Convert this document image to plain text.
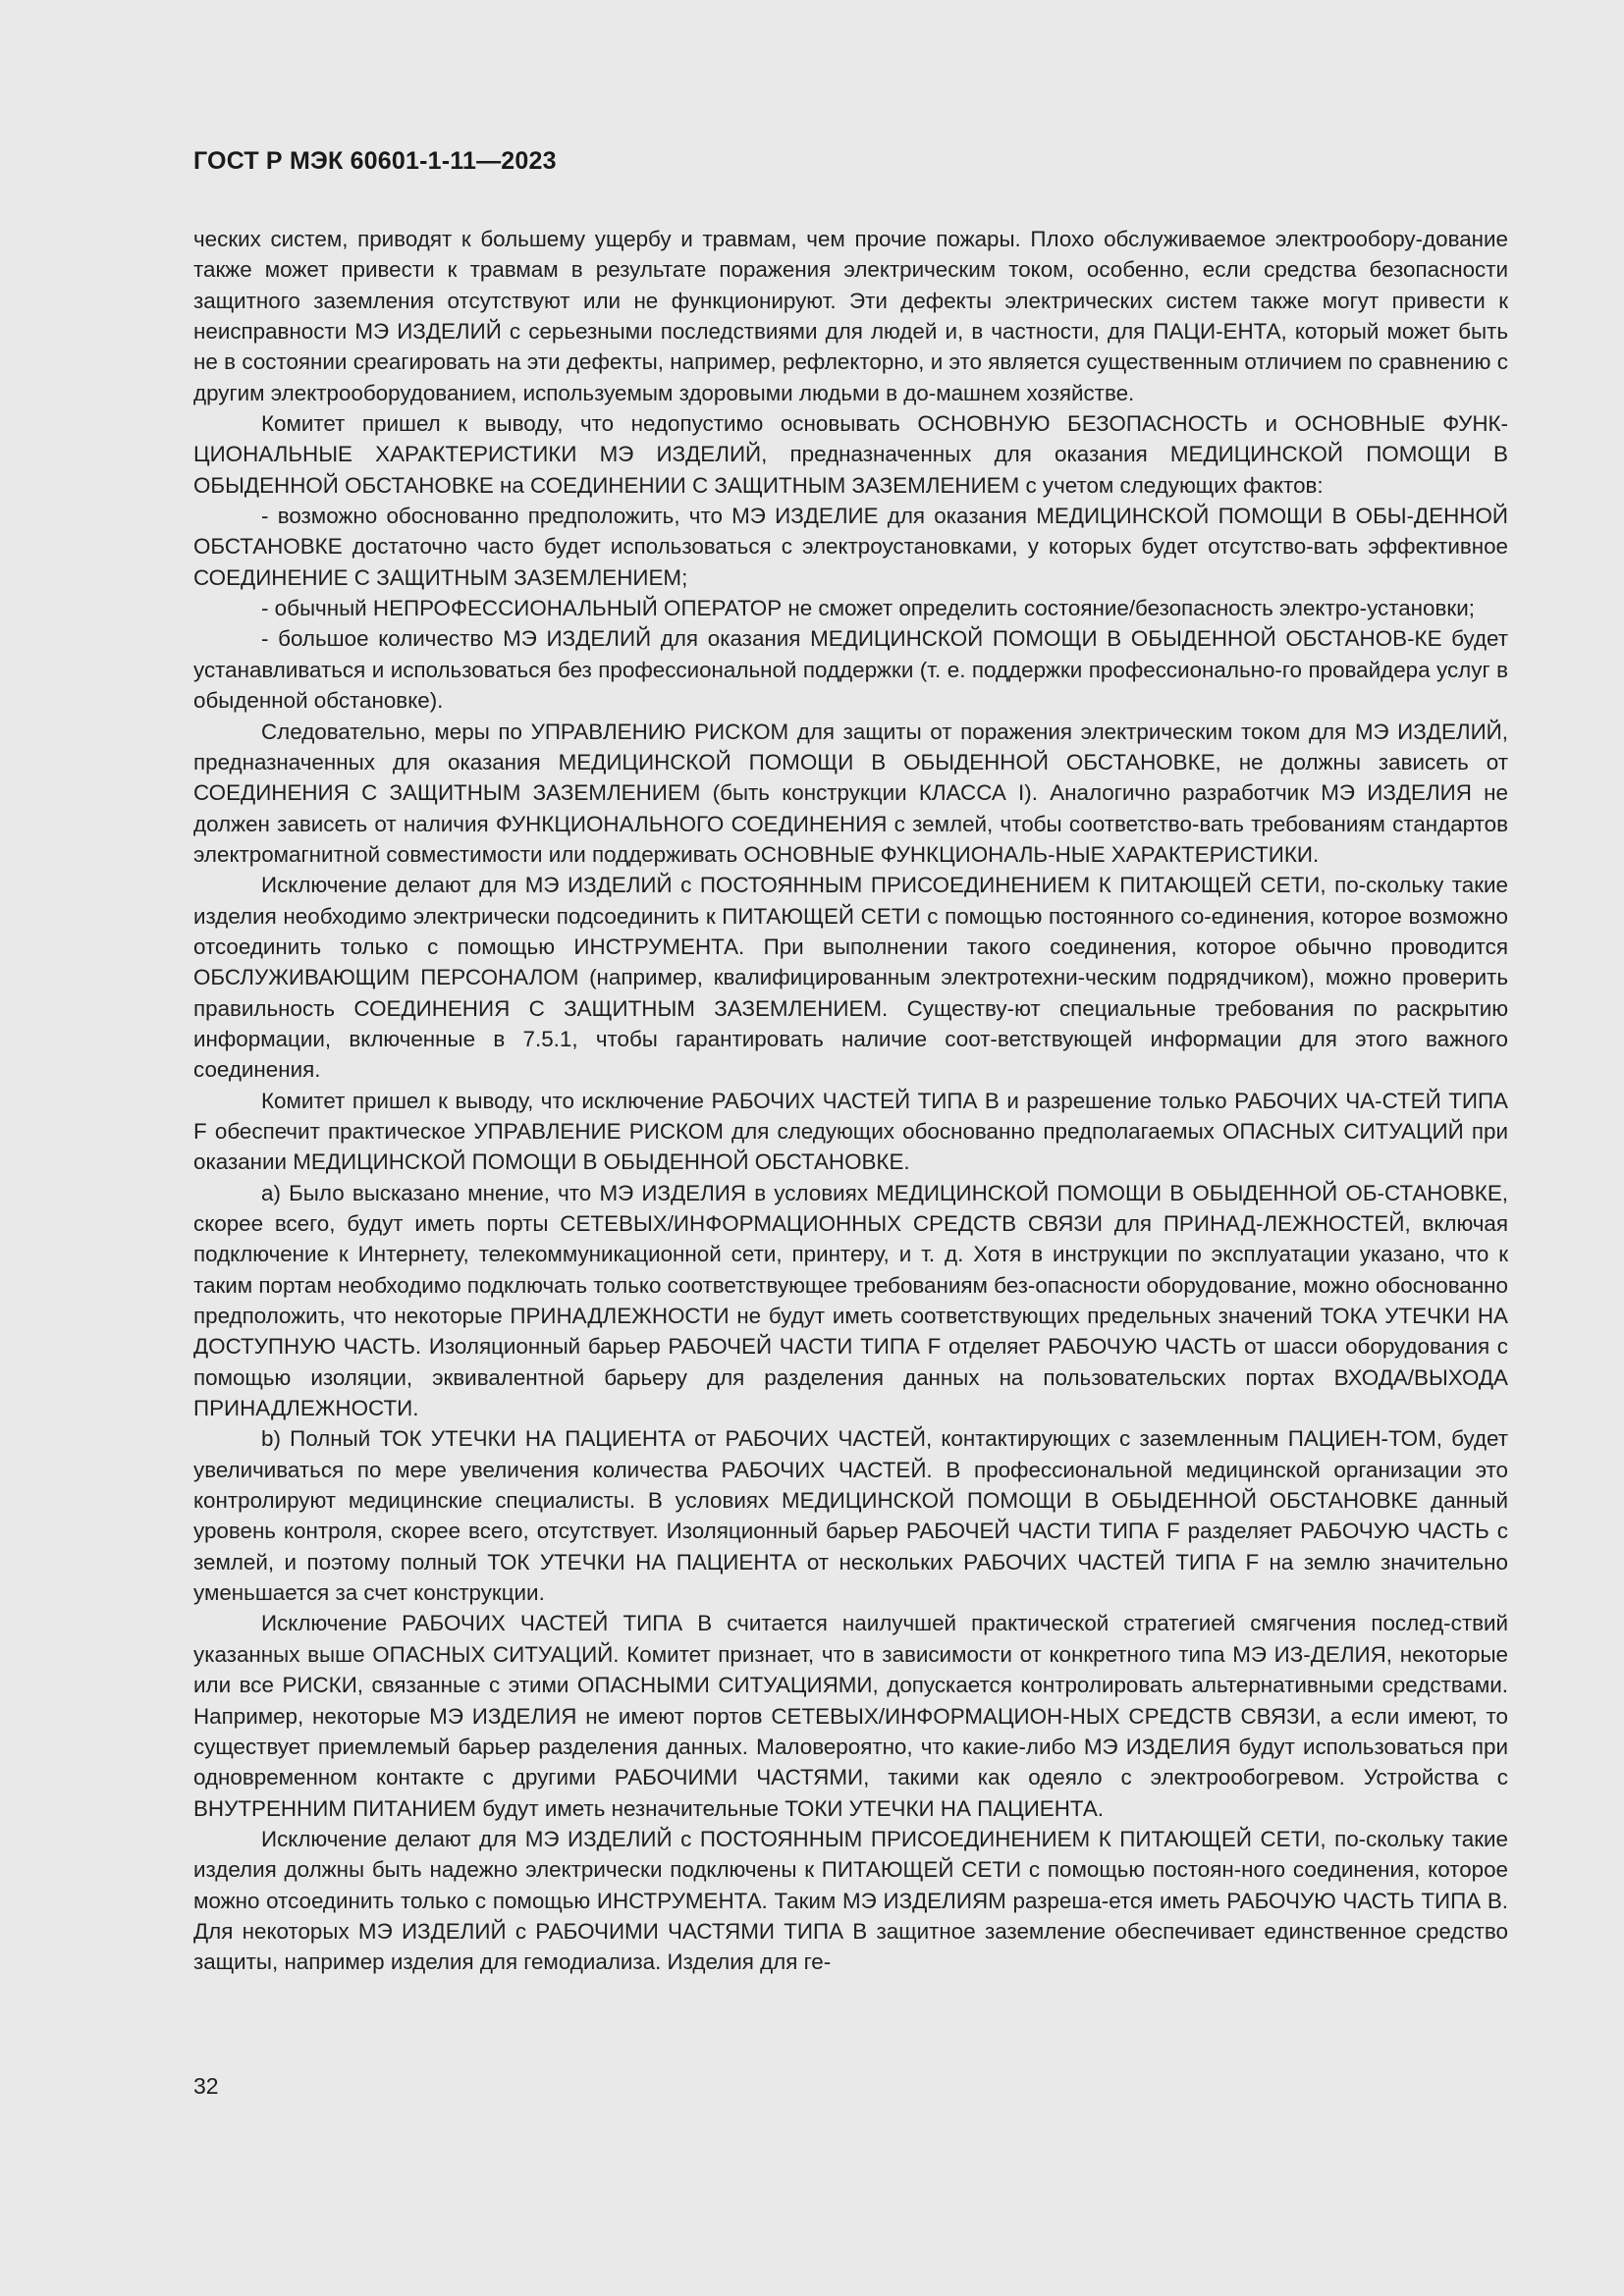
ГОСТ Р МЭК 60601-1-11—2023

ческих систем, приводят к большему ущербу и травмам, чем прочие пожары. Плохо обслуживаемое электрообору-дование также может привести к травмам в результате поражения электрическим током, особенно, если средства безопасности защитного заземления отсутствуют или не функционируют. Эти дефекты электрических систем также могут привести к неисправности МЭ ИЗДЕЛИЙ с серьезными последствиями для людей и, в частности, для ПАЦИ-ЕНТА, который может быть не в состоянии среагировать на эти дефекты, например, рефлекторно, и это является существенным отличием по сравнению с другим электрооборудованием, используемым здоровыми людьми в до-машнем хозяйстве.

Комитет пришел к выводу, что недопустимо основывать ОСНОВНУЮ БЕЗОПАСНОСТЬ и ОСНОВНЫЕ ФУНК-ЦИОНАЛЬНЫЕ ХАРАКТЕРИСТИКИ МЭ ИЗДЕЛИЙ, предназначенных для оказания МЕДИЦИНСКОЙ ПОМОЩИ В ОБЫДЕННОЙ ОБСТАНОВКЕ на СОЕДИНЕНИИ С ЗАЩИТНЫМ ЗАЗЕМЛЕНИЕМ с учетом следующих фактов:

- возможно обоснованно предположить, что МЭ ИЗДЕЛИЕ для оказания МЕДИЦИНСКОЙ ПОМОЩИ В ОБЫ-ДЕННОЙ ОБСТАНОВКЕ достаточно часто будет использоваться с электроустановками, у которых будет отсутство-вать эффективное СОЕДИНЕНИЕ С ЗАЩИТНЫМ ЗАЗЕМЛЕНИЕМ;

- обычный НЕПРОФЕССИОНАЛЬНЫЙ ОПЕРАТОР не сможет определить состояние/безопасность электро-установки;

- большое количество МЭ ИЗДЕЛИЙ для оказания МЕДИЦИНСКОЙ ПОМОЩИ В ОБЫДЕННОЙ ОБСТАНОВ-КЕ будет устанавливаться и использоваться без профессиональной поддержки (т. е. поддержки профессионально-го провайдера услуг в обыденной обстановке).

Следовательно, меры по УПРАВЛЕНИЮ РИСКОМ для защиты от поражения электрическим током для МЭ ИЗДЕЛИЙ, предназначенных для оказания МЕДИЦИНСКОЙ ПОМОЩИ В ОБЫДЕННОЙ ОБСТАНОВКЕ, не должны зависеть от СОЕДИНЕНИЯ С ЗАЩИТНЫМ ЗАЗЕМЛЕНИЕМ (быть конструкции КЛАССА I). Аналогично разработчик МЭ ИЗДЕЛИЯ не должен зависеть от наличия ФУНКЦИОНАЛЬНОГО СОЕДИНЕНИЯ с землей, чтобы соответство-вать требованиям стандартов электромагнитной совместимости или поддерживать ОСНОВНЫЕ ФУНКЦИОНАЛЬ-НЫЕ ХАРАКТЕРИСТИКИ.

Исключение делают для МЭ ИЗДЕЛИЙ с ПОСТОЯННЫМ ПРИСОЕДИНЕНИЕМ К ПИТАЮЩЕЙ СЕТИ, по-скольку такие изделия необходимо электрически подсоединить к ПИТАЮЩЕЙ СЕТИ с помощью постоянного со-единения, которое возможно отсоединить только с помощью ИНСТРУМЕНТА. При выполнении такого соединения, которое обычно проводится ОБСЛУЖИВАЮЩИМ ПЕРСОНАЛОМ (например, квалифицированным электротехни-ческим подрядчиком), можно проверить правильность СОЕДИНЕНИЯ С ЗАЩИТНЫМ ЗАЗЕМЛЕНИЕМ. Существу-ют специальные требования по раскрытию информации, включенные в 7.5.1, чтобы гарантировать наличие соот-ветствующей информации для этого важного соединения.

Комитет пришел к выводу, что исключение РАБОЧИХ ЧАСТЕЙ ТИПА В и разрешение только РАБОЧИХ ЧА-СТЕЙ ТИПА F обеспечит практическое УПРАВЛЕНИЕ РИСКОМ для следующих обоснованно предполагаемых ОПАСНЫХ СИТУАЦИЙ при оказании МЕДИЦИНСКОЙ ПОМОЩИ В ОБЫДЕННОЙ ОБСТАНОВКЕ.

a) Было высказано мнение, что МЭ ИЗДЕЛИЯ в условиях МЕДИЦИНСКОЙ ПОМОЩИ В ОБЫДЕННОЙ ОБ-СТАНОВКЕ, скорее всего, будут иметь порты СЕТЕВЫХ/ИНФОРМАЦИОННЫХ СРЕДСТВ СВЯЗИ для ПРИНАД-ЛЕЖНОСТЕЙ, включая подключение к Интернету, телекоммуникационной сети, принтеру, и т. д. Хотя в инструкции по эксплуатации указано, что к таким портам необходимо подключать только соответствующее требованиям без-опасности оборудование, можно обоснованно предположить, что некоторые ПРИНАДЛЕЖНОСТИ не будут иметь соответствующих предельных значений ТОКА УТЕЧКИ НА ДОСТУПНУЮ ЧАСТЬ. Изоляционный барьер РАБОЧЕЙ ЧАСТИ ТИПА F отделяет РАБОЧУЮ ЧАСТЬ от шасси оборудования с помощью изоляции, эквивалентной барьеру для разделения данных на пользовательских портах ВХОДА/ВЫХОДА ПРИНАДЛЕЖНОСТИ.

b) Полный ТОК УТЕЧКИ НА ПАЦИЕНТА от РАБОЧИХ ЧАСТЕЙ, контактирующих с заземленным ПАЦИЕН-ТОМ, будет увеличиваться по мере увеличения количества РАБОЧИХ ЧАСТЕЙ. В профессиональной медицинской организации это контролируют медицинские специалисты. В условиях МЕДИЦИНСКОЙ ПОМОЩИ В ОБЫДЕННОЙ ОБСТАНОВКЕ данный уровень контроля, скорее всего, отсутствует. Изоляционный барьер РАБОЧЕЙ ЧАСТИ ТИПА F разделяет РАБОЧУЮ ЧАСТЬ с землей, и поэтому полный ТОК УТЕЧКИ НА ПАЦИЕНТА от нескольких РАБОЧИХ ЧАСТЕЙ ТИПА F на землю значительно уменьшается за счет конструкции.

Исключение РАБОЧИХ ЧАСТЕЙ ТИПА В считается наилучшей практической стратегией смягчения послед-ствий указанных выше ОПАСНЫХ СИТУАЦИЙ. Комитет признает, что в зависимости от конкретного типа МЭ ИЗ-ДЕЛИЯ, некоторые или все РИСКИ, связанные с этими ОПАСНЫМИ СИТУАЦИЯМИ, допускается контролировать альтернативными средствами. Например, некоторые МЭ ИЗДЕЛИЯ не имеют портов СЕТЕВЫХ/ИНФОРМАЦИОН-НЫХ СРЕДСТВ СВЯЗИ, а если имеют, то существует приемлемый барьер разделения данных. Маловероятно, что какие-либо МЭ ИЗДЕЛИЯ будут использоваться при одновременном контакте с другими РАБОЧИМИ ЧАСТЯМИ, такими как одеяло с электрообогревом. Устройства с ВНУТРЕННИМ ПИТАНИЕМ будут иметь незначительные ТОКИ УТЕЧКИ НА ПАЦИЕНТА.

Исключение делают для МЭ ИЗДЕЛИЙ с ПОСТОЯННЫМ ПРИСОЕДИНЕНИЕМ К ПИТАЮЩЕЙ СЕТИ, по-скольку такие изделия должны быть надежно электрически подключены к ПИТАЮЩЕЙ СЕТИ с помощью постоян-ного соединения, которое можно отсоединить только с помощью ИНСТРУМЕНТА. Таким МЭ ИЗДЕЛИЯМ разреша-ется иметь РАБОЧУЮ ЧАСТЬ ТИПА В. Для некоторых МЭ ИЗДЕЛИЙ с РАБОЧИМИ ЧАСТЯМИ ТИПА В защитное заземление обеспечивает единственное средство защиты, например изделия для гемодиализа. Изделия для ге-

32
